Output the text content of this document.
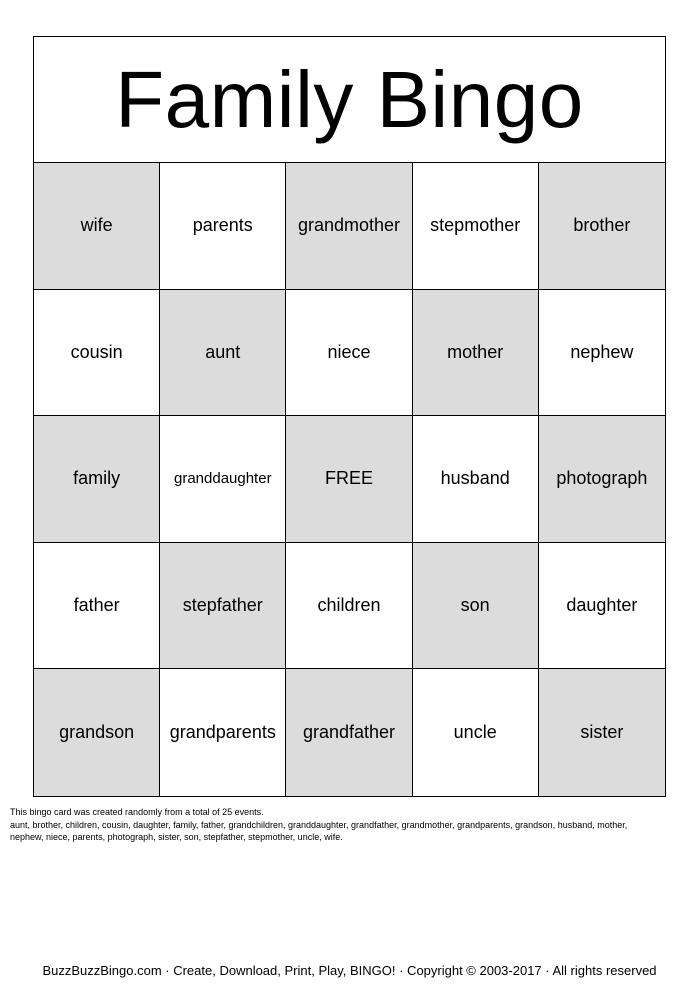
Family Bingo
wife	parents	grandmother	stepmother	brother
cousin	aunt	niece	mother	nephew
family	granddaughter	FREE	husband	photograph
father	stepfather	children	son	daughter
grandson	grandparents	grandfather	uncle	sister
This bingo card was created randomly from a total of 25 events.
aunt, brother, children, cousin, daughter, family, father, grandchildren, granddaughter, grandfather, grandmother, grandparents, grandson, husband, mother,
nephew, niece, parents, photograph, sister, son, stepfather, stepmother, uncle, wife.
BuzzBuzzBingo.com · Create, Download, Print, Play, BINGO! · Copyright © 2003-2017 · All rights reserved
